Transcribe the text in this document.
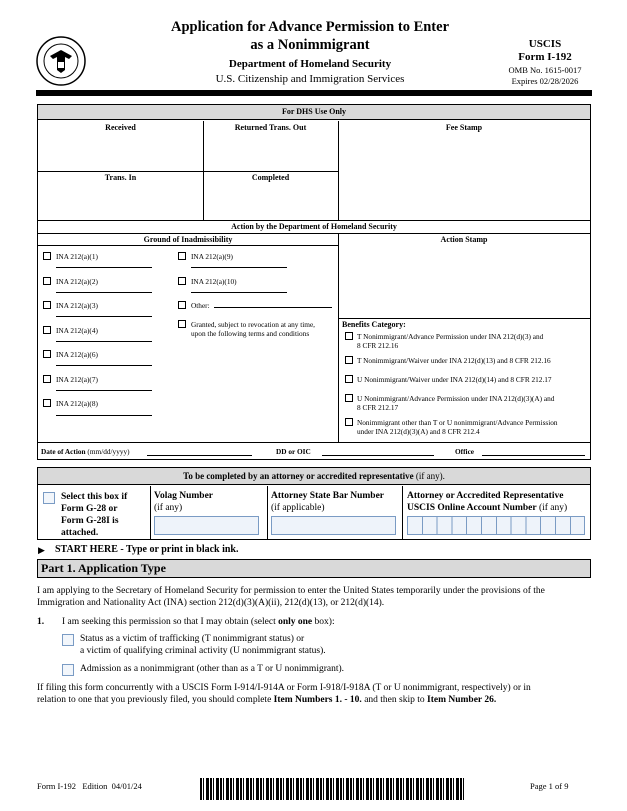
Application for Advance Permission to Enter
as a Nonimmigrant
Department of Homeland Security
U.S. Citizenship and Immigration Services
USCIS
Form I-192
OMB No. 1615-0017
Expires 02/28/2026
For DHS Use Only
Received	Returned Trans. Out	Fee Stamp
Trans. In	Completed
Action by the Department of Homeland Security
Ground of Inadmissibility	Action Stamp
INA 212(a)(1)
INA 212(a)(2)
INA 212(a)(3)
INA 212(a)(4)
INA 212(a)(6)
INA 212(a)(7)
INA 212(a)(8)
INA 212(a)(9)
INA 212(a)(10)
Other:
Granted, subject to revocation at any time,
upon the following terms and conditions
Benefits Category:
T Nonimmigrant/Advance Permission under INA 212(d)(3) and
8 CFR 212.16
T Nonimmigrant/Waiver under INA 212(d)(13) and 8 CFR 212.16
U Nonimmigrant/Waiver under INA 212(d)(14) and 8 CFR 212.17
U Nonimmigrant/Advance Permission under INA 212(d)(3)(A) and
8 CFR 212.17
Nonimmigrant other than T or U nonimmigrant/Advance Permission
under INA 212(d)(3)(A) and 8 CFR 212.4
Date of Action (mm/dd/yyyy)	DD or OIC	Office
To be completed by an attorney or accredited representative (if any).
Select this box if
Form G-28 or
Form G-28I is
attached.
Volag Number
(if any)
Attorney State Bar Number
(if applicable)
Attorney or Accredited Representative
USCIS Online Account Number (if any)
▶ START HERE - Type or print in black ink.
Part 1. Application Type
I am applying to the Secretary of Homeland Security for permission to enter the United States temporarily under the provisions of the
Immigration and Nationality Act (INA) section 212(d)(3)(A)(ii), 212(d)(13), or 212(d)(14).
1. I am seeking this permission so that I may obtain (select only one box):
Status as a victim of trafficking (T nonimmigrant status) or
a victim of qualifying criminal activity (U nonimmigrant status).
Admission as a nonimmigrant (other than as a T or U nonimmigrant).
If filing this form concurrently with a USCIS Form I-914/I-914A or Form I-918/I-918A (T or U nonimmigrant, respectively) or in
relation to one that you previously filed, you should complete Item Numbers 1. - 10. and then skip to Item Number 26.
Form I-192   Edition  04/01/24	Page 1 of 9
